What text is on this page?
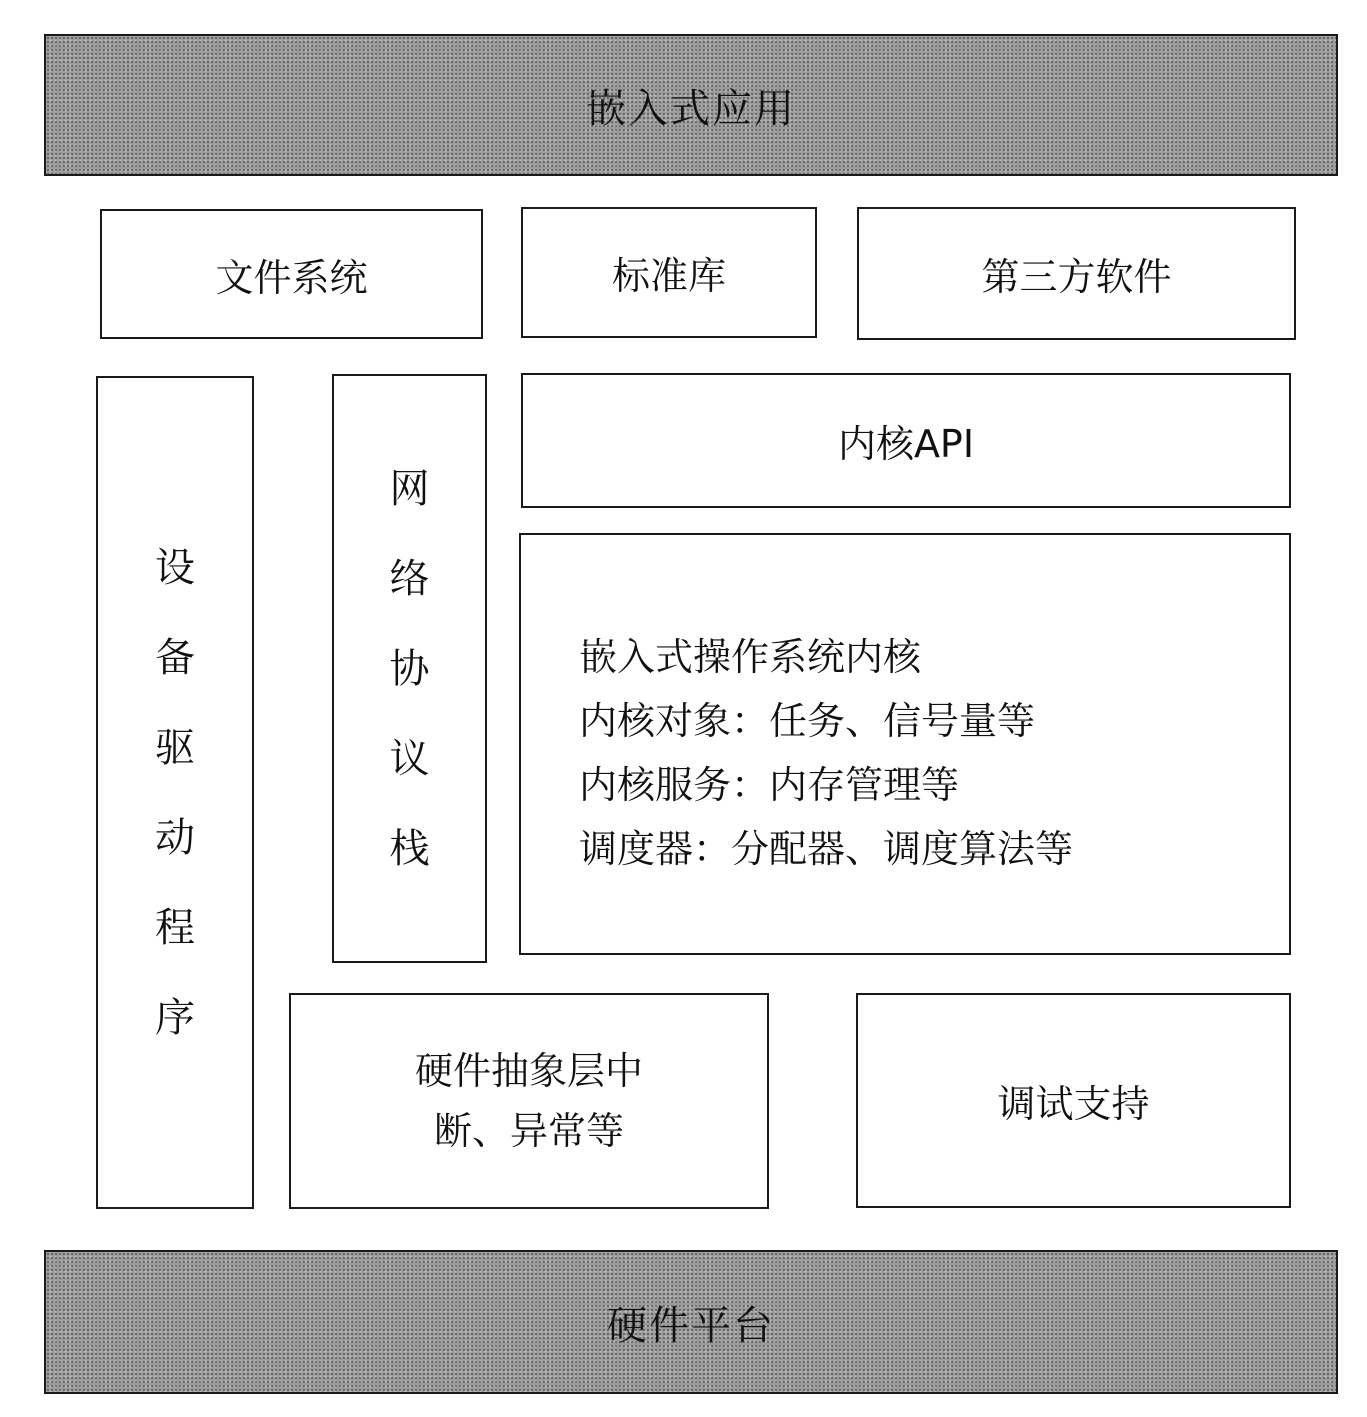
嵌入式应用
文件系统	标准库	第三方软件
设
备
驱
动
程
序
网
络
协
议
栈
内核API
嵌入式操作系统内核
内核对象：任务、信号量等
内核服务：内存管理等
调度器：分配器、调度算法等
硬件抽象层中
断、异常等
调试支持
硬件平台
